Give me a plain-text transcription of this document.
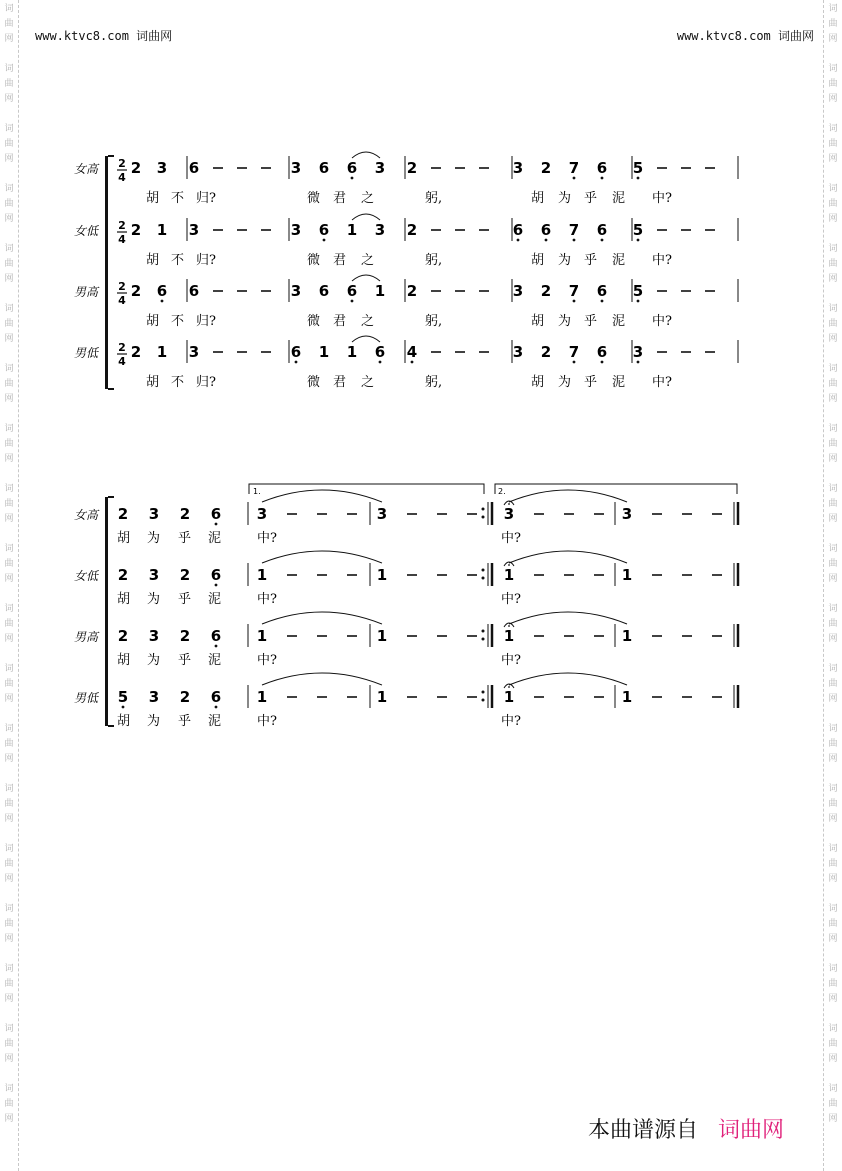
词
曲
网
词
曲
网
词
曲
网
词
曲
网
词
曲
网
词
曲
网
词
曲
网
词
曲
网
词
曲
网
词
曲
网
词
曲
网
词
曲
网
词
曲
网
词
曲
网
词
曲
网
词
曲
网
词
曲
网
词
曲
网
词
曲
网
词
曲
网
词
曲
网
词
曲
网
词
曲
网
词
曲
网
词
曲
网
词
曲
网
词
曲
网
词
曲
网
词
曲
网
词
曲
网
词
曲
网
词
曲
网
词
曲
网
词
曲
网
词
曲
网
词
曲
网
词
曲
网
词
曲
网
www.ktvc8.com 词曲网	www.ktvc8.com 词曲网
女高 2
4
2 3 6	3 6 6 3 2	3 2 7 6 5
胡 不 归?	微 君 之	躬,	胡 为 乎 泥 中?
女低 2
4
2 1 3	3 6 1 3 2	6 6 7 6 5
胡 不 归?	微 君 之	躬,	胡 为 乎 泥 中?
男高 2
4
2 6 6	3 6 6 1 2	3 2 7 6 5
胡 不 归?	微 君 之	躬,	胡 为 乎 泥 中?
男低 2
4
2 1 3	6 1 1 6 4	3 2 7 6 3
胡 不 归?	微 君 之	躬,	胡 为 乎 泥 中?
1.	2.
女高 2 3 2 6 3	3	3	3
胡 为 乎 泥	中?	中?
女低 2 3 2 6 1	1	1	1
胡 为 乎 泥	中?	中?
男高 2 3 2 6 1	1	1	1
胡 为 乎 泥	中?	中?
男低 5 3 2 6 1	1	1	1
胡 为 乎 泥	中?	中?
本曲谱源自 词曲网
